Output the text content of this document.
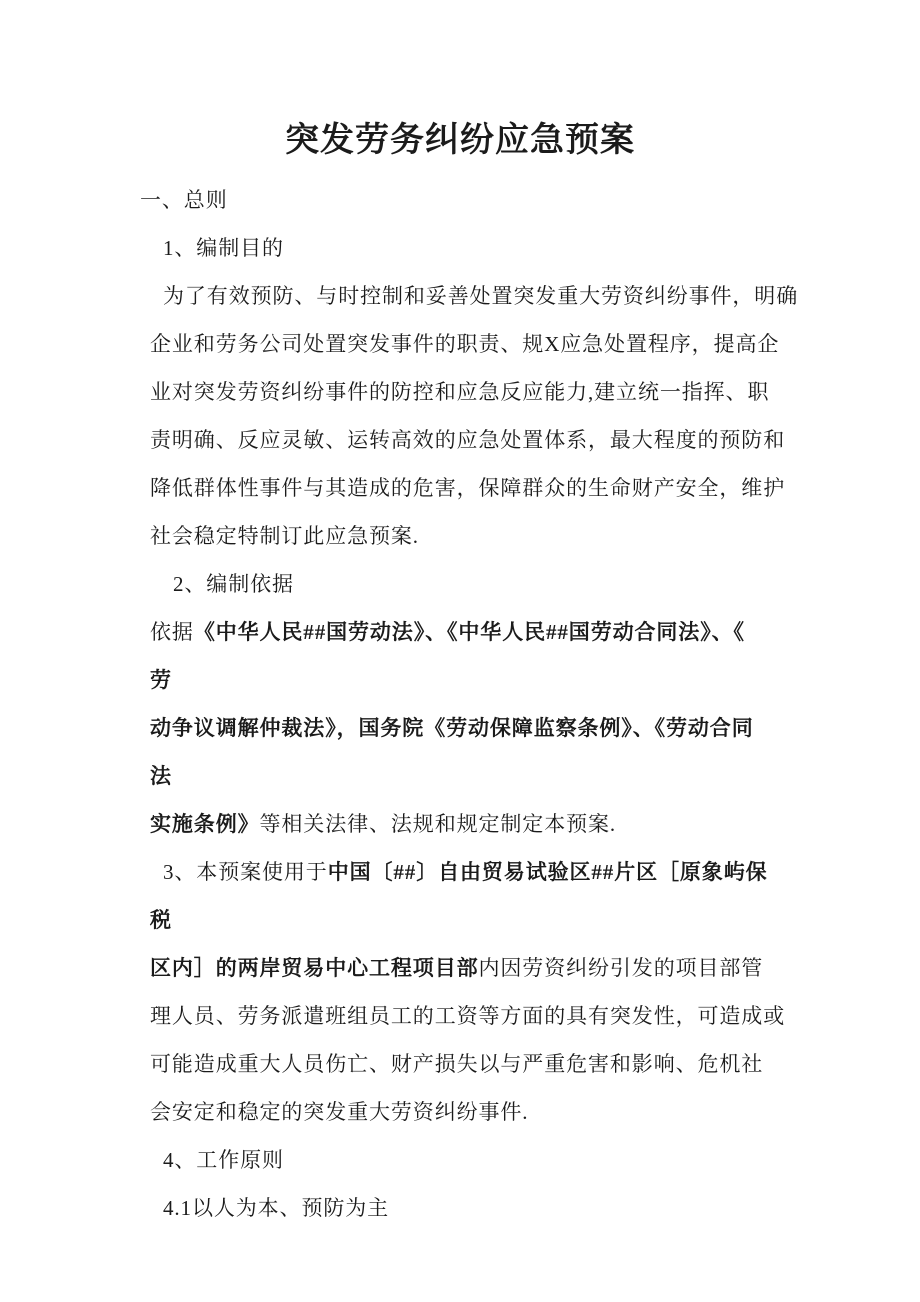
突发劳务纠纷应急预案
一、总则
1、编制目的
为了有效预防、与时控制和妥善处置突发重大劳资纠纷事件，明确
企业和劳务公司处置突发事件的职责、规X应急处置程序，提高企
业对突发劳资纠纷事件的防控和应急反应能力,建立统一指挥、职
责明确、反应灵敏、运转高效的应急处置体系，最大程度的预防和
降低群体性事件与其造成的危害，保障群众的生命财产安全，维护
社会稳定特制订此应急预案.
2、编制依据
依据《中华人民##国劳动法》、《中华人民##国劳动合同法》、《
劳
动争议调解仲裁法》，国务院《劳动保障监察条例》、《劳动合同
法
实施条例》等相关法律、法规和规定制定本预案.
3、本预案使用于中国〔##〕自由贸易试验区##片区［原象屿保
税
区内］的两岸贸易中心工程项目部内因劳资纠纷引发的项目部管
理人员、劳务派遣班组员工的工资等方面的具有突发性，可造成或
可能造成重大人员伤亡、财产损失以与严重危害和影响、危机社
会安定和稳定的突发重大劳资纠纷事件.
4、工作原则
4.1以人为本、预防为主
